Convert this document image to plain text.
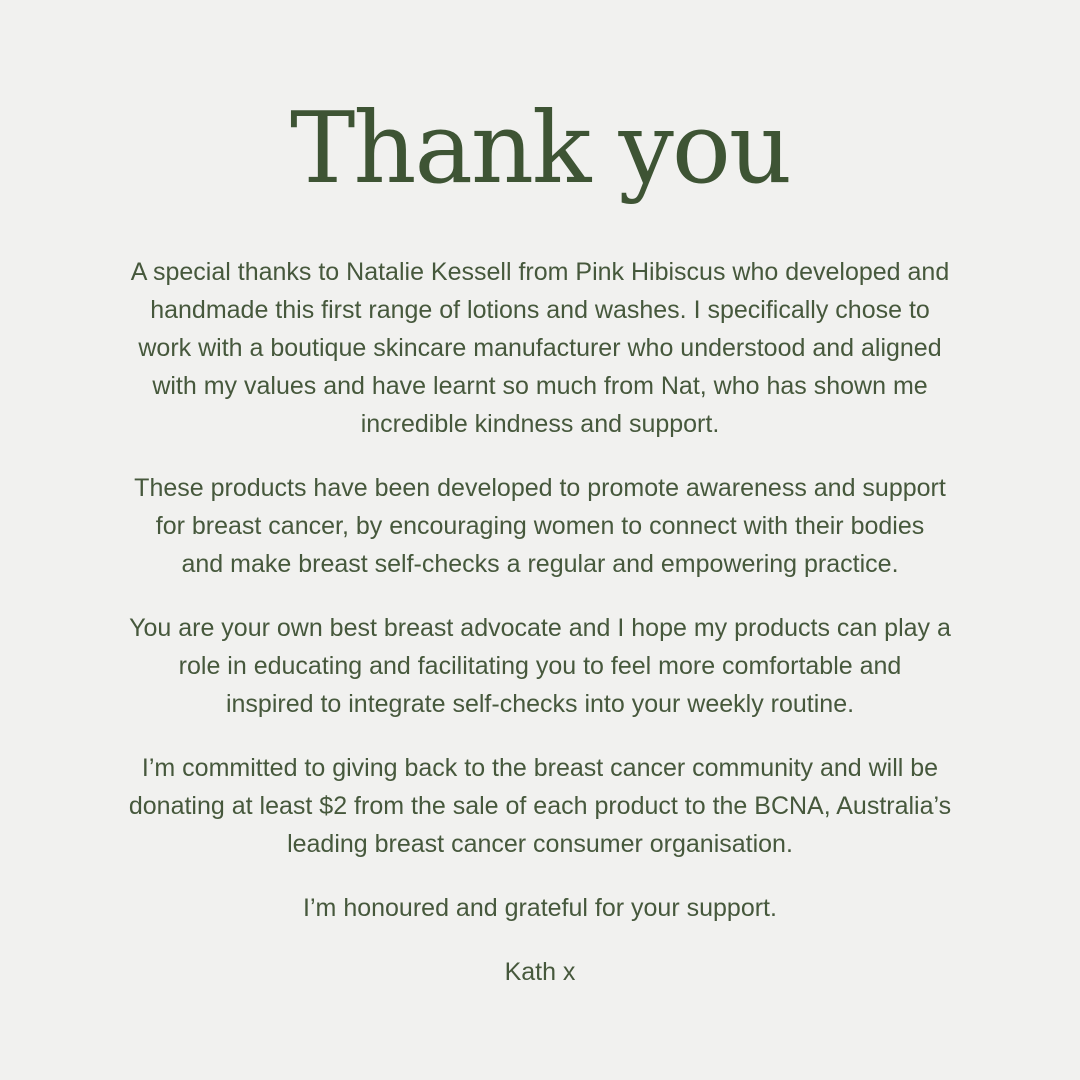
Thank you

A special thanks to Natalie Kessell from Pink Hibiscus who developed and
handmade this first range of lotions and washes. I specifically chose to
work with a boutique skincare manufacturer who understood and aligned
with my values and have learnt so much from Nat, who has shown me
incredible kindness and support.

These products have been developed to promote awareness and support
for breast cancer, by encouraging women to connect with their bodies
and make breast self-checks a regular and empowering practice.

You are your own best breast advocate and I hope my products can play a
role in educating and facilitating you to feel more comfortable and
inspired to integrate self-checks into your weekly routine.

I’m committed to giving back to the breast cancer community and will be
donating at least $2 from the sale of each product to the BCNA, Australia’s
leading breast cancer consumer organisation.

I’m honoured and grateful for your support.

Kath x
